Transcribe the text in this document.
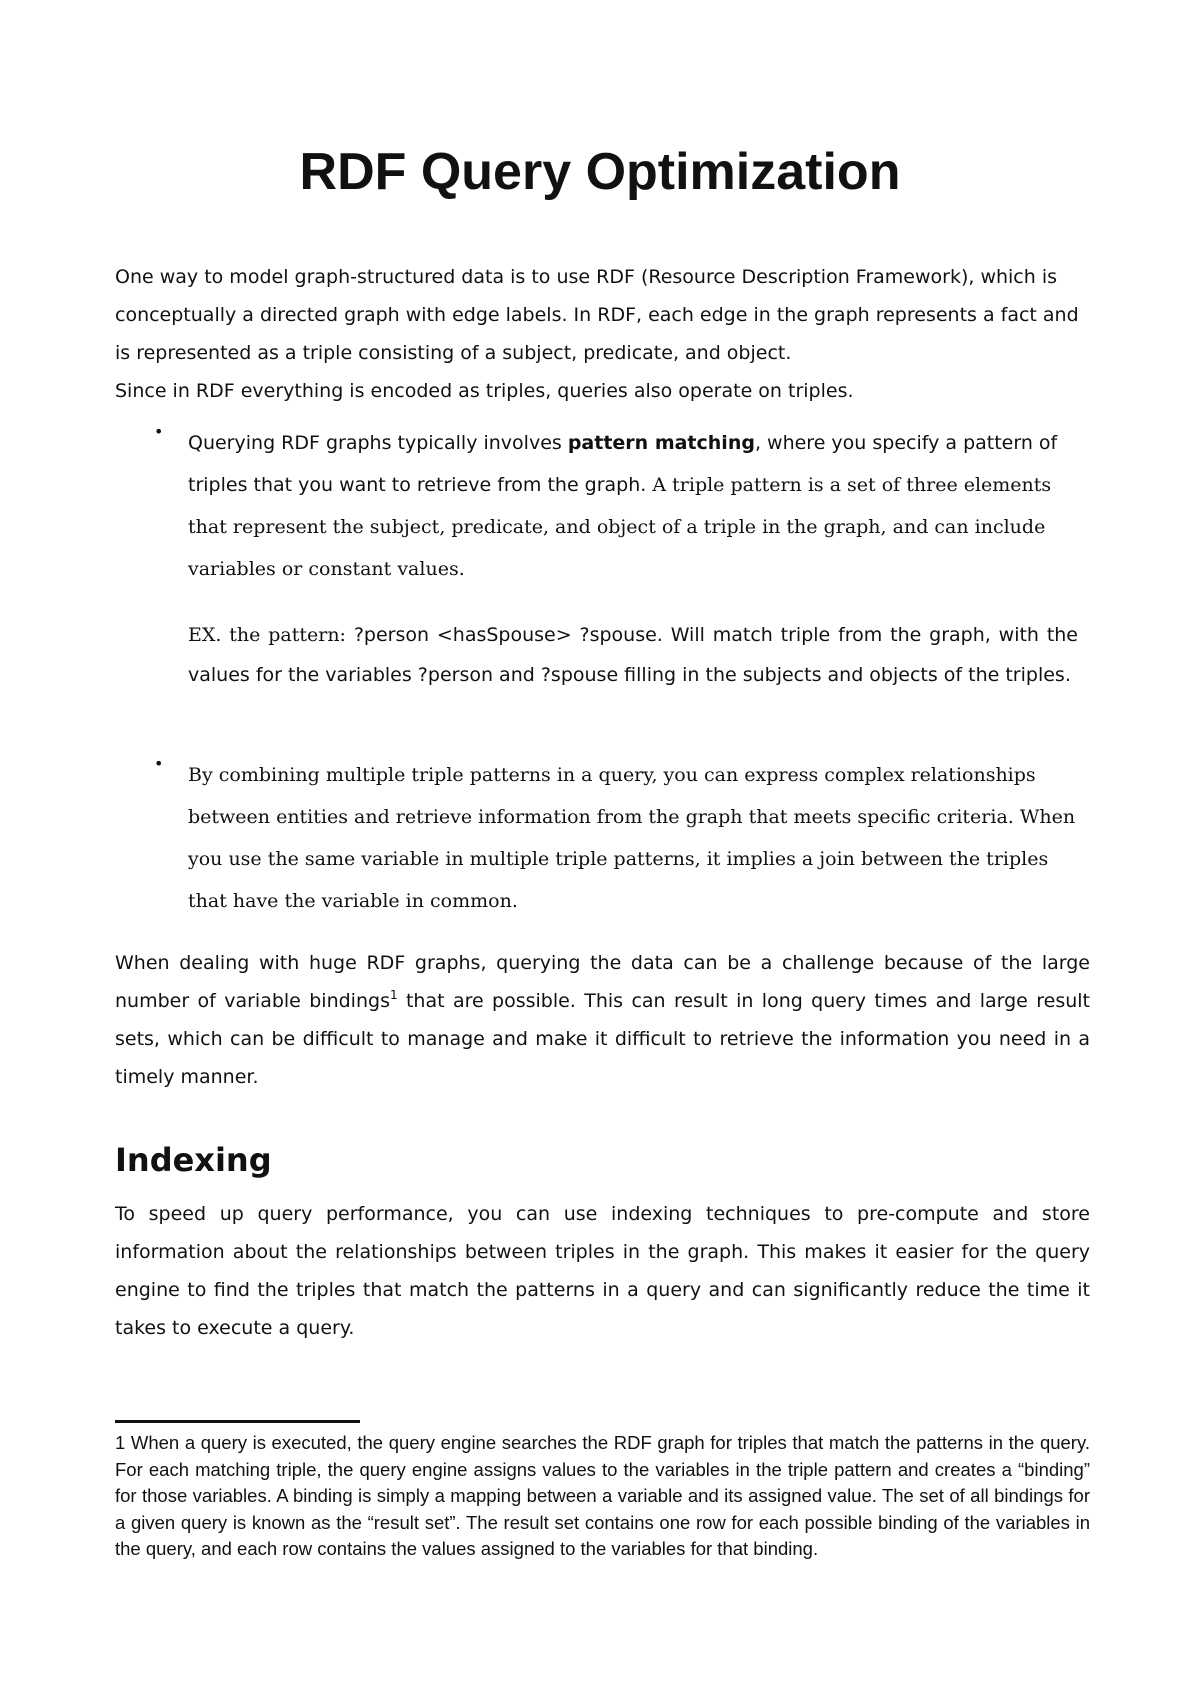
RDF Query Optimization

One way to model graph-structured data is to use RDF (Resource Description Framework), which is conceptually a directed graph with edge labels. In RDF, each edge in the graph represents a fact and is represented as a triple consisting of a subject, predicate, and object.

Since in RDF everything is encoded as triples, queries also operate on triples.

•

Querying RDF graphs typically involves pattern matching, where you specify a pattern of triples that you want to retrieve from the graph. A triple pattern is a set of three elements that represent the subject, predicate, and object of a triple in the graph, and can include variables or constant values.

EX. the pattern: ?person <hasSpouse> ?spouse. Will match triple from the graph, with the values for the variables ?person and ?spouse filling in the subjects and objects of the triples.

•

By combining multiple triple patterns in a query, you can express complex relationships between entities and retrieve information from the graph that meets specific criteria. When you use the same variable in multiple triple patterns, it implies a join between the triples that have the variable in common.

When dealing with huge RDF graphs, querying the data can be a challenge because of the large number of variable bindings$^1$ that are possible. This can result in long query times and large result sets, which can be difficult to manage and make it difficult to retrieve the information you need in a timely manner.

Indexing

To speed up query performance, you can use indexing techniques to pre-compute and store information about the relationships between triples in the graph. This makes it easier for the query engine to find the triples that match the patterns in a query and can significantly reduce the time it takes to execute a query.

1 When a query is executed, the query engine searches the RDF graph for triples that match the patterns in the query. For each matching triple, the query engine assigns values to the variables in the triple pattern and creates a “binding” for those variables. A binding is simply a mapping between a variable and its assigned value. The set of all bindings for a given query is known as the “result set”. The result set contains one row for each possible binding of the variables in the query, and each row contains the values assigned to the variables for that binding.
